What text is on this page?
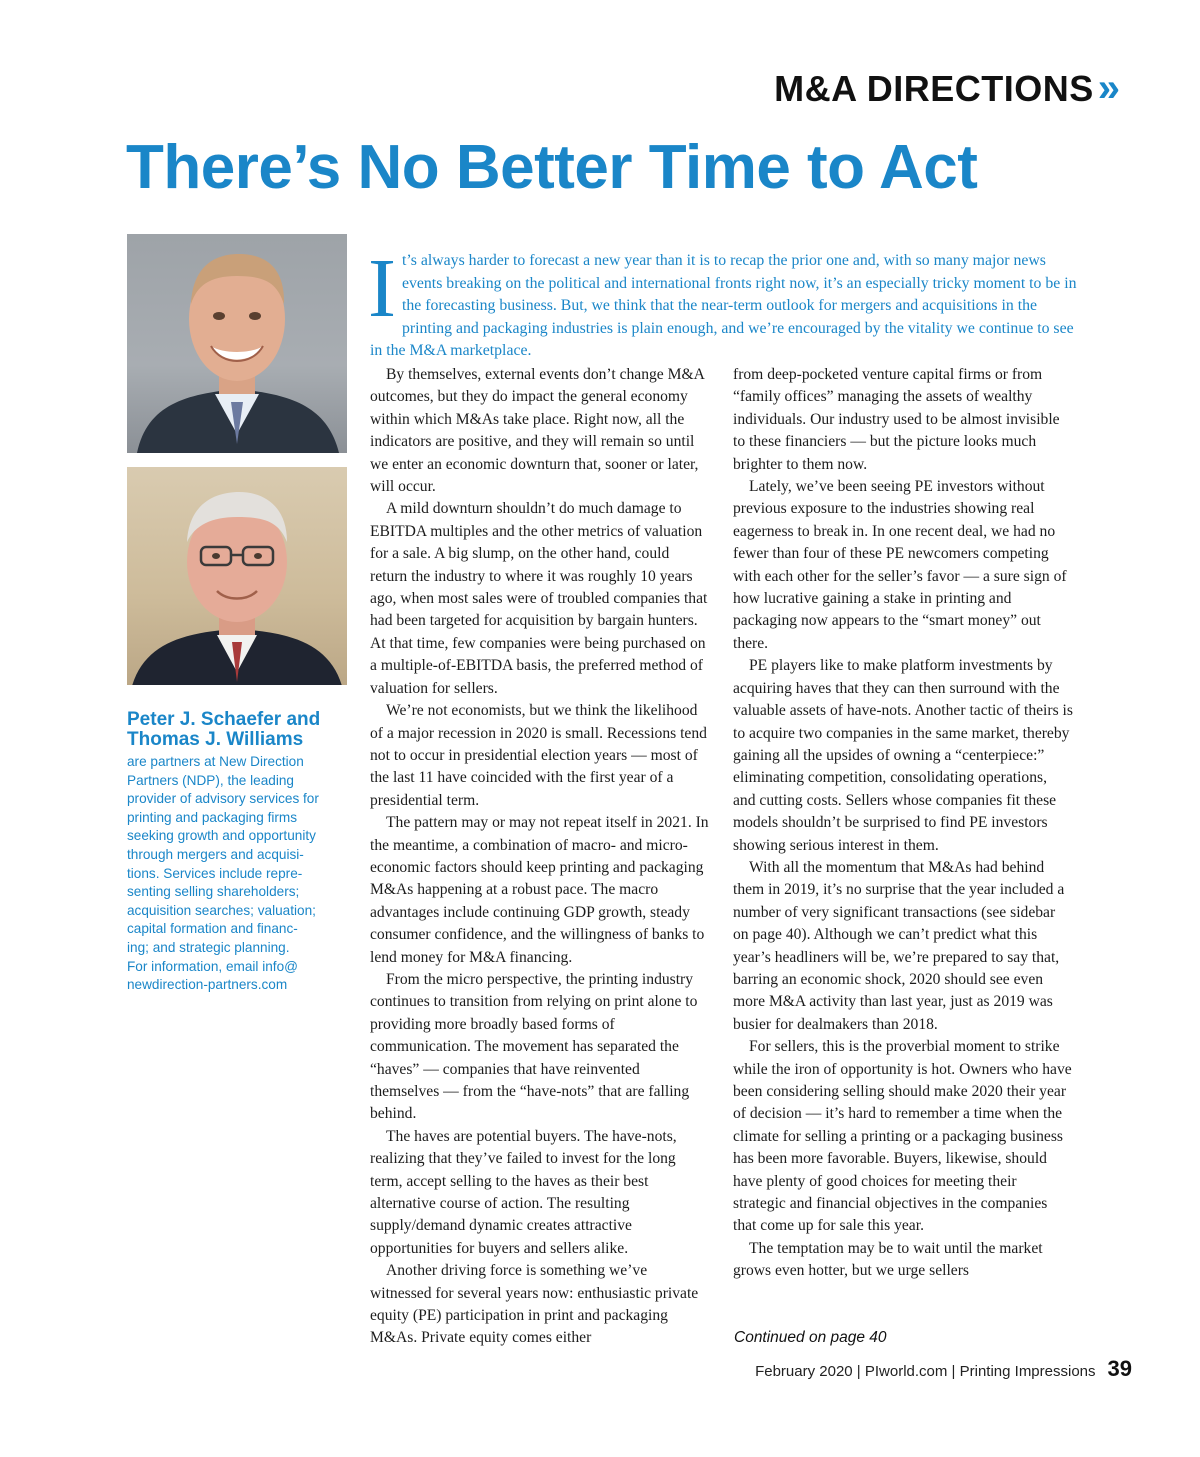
M&A DIRECTIONS »
There’s No Better Time to Act

Peter J. Schaefer and
Thomas J. Williams

are partners at New Direction
Partners (NDP), the leading
provider of advisory services for
printing and packaging firms
seeking growth and opportunity
through mergers and acquisi-
tions. Services include repre-
senting selling shareholders;
acquisition searches; valuation;
capital formation and financ-
ing; and strategic planning.
For information, email info@
newdirection-partners.com

I t’s always harder to forecast a new year than it is to recap the prior one and, with so many major news events breaking on the political and international fronts right now, it’s an especially tricky moment to be in the forecasting business. But, we think that the near-term outlook for mergers and acquisitions in the printing and packaging industries is plain enough, and we’re encouraged by the vitality we continue to see in the M&A marketplace.

By themselves, external events don’t change M&A outcomes, but they do impact the general economy within which M&As take place. Right now, all the indicators are positive, and they will remain so until we enter an economic downturn that, sooner or later, will occur.

A mild downturn shouldn’t do much damage to EBITDA multiples and the other metrics of valuation for a sale. A big slump, on the other hand, could return the industry to where it was roughly 10 years ago, when most sales were of troubled companies that had been targeted for acquisition by bargain hunters. At that time, few companies were being purchased on a multiple-of-EBITDA basis, the preferred method of valuation for sellers.

We’re not economists, but we think the likelihood of a major recession in 2020 is small. Recessions tend not to occur in presidential election years — most of the last 11 have coincided with the first year of a presidential term.

The pattern may or may not repeat itself in 2021. In the meantime, a combination of macro- and micro-economic factors should keep printing and packaging M&As happening at a robust pace. The macro advantages include continuing GDP growth, steady consumer confidence, and the willingness of banks to lend money for M&A financing.

From the micro perspective, the printing industry continues to transition from relying on print alone to providing more broadly based forms of communication. The movement has separated the “haves” — companies that have reinvented themselves — from the “have-nots” that are falling behind.

The haves are potential buyers. The have-nots, realizing that they’ve failed to invest for the long term, accept selling to the haves as their best alternative course of action. The resulting supply/demand dynamic creates attractive opportunities for buyers and sellers alike.

Another driving force is something we’ve witnessed for several years now: enthusiastic private equity (PE) participation in print and packaging M&As. Private equity comes either

from deep-pocketed venture capital firms or from “family offices” managing the assets of wealthy individuals. Our industry used to be almost invisible to these financiers — but the picture looks much brighter to them now.

Lately, we’ve been seeing PE investors without previous exposure to the industries showing real eagerness to break in. In one recent deal, we had no fewer than four of these PE newcomers competing with each other for the seller’s favor — a sure sign of how lucrative gaining a stake in printing and packaging now appears to the “smart money” out there.

PE players like to make platform investments by acquiring haves that they can then surround with the valuable assets of have-nots. Another tactic of theirs is to acquire two companies in the same market, thereby gaining all the upsides of owning a “centerpiece:” eliminating competition, consolidating operations, and cutting costs. Sellers whose companies fit these models shouldn’t be surprised to find PE investors showing serious interest in them.

With all the momentum that M&As had behind them in 2019, it’s no surprise that the year included a number of very significant transactions (see sidebar on page 40). Although we can’t predict what this year’s headliners will be, we’re prepared to say that, barring an economic shock, 2020 should see even more M&A activity than last year, just as 2019 was busier for dealmakers than 2018.

For sellers, this is the proverbial moment to strike while the iron of opportunity is hot. Owners who have been considering selling should make 2020 their year of decision — it’s hard to remember a time when the climate for selling a printing or a packaging business has been more favorable. Buyers, likewise, should have plenty of good choices for meeting their strategic and financial objectives in the companies that come up for sale this year.

The temptation may be to wait until the market grows even hotter, but we urge sellers

Continued on page 40
February 2020 | PIworld.com | Printing Impressions 39
